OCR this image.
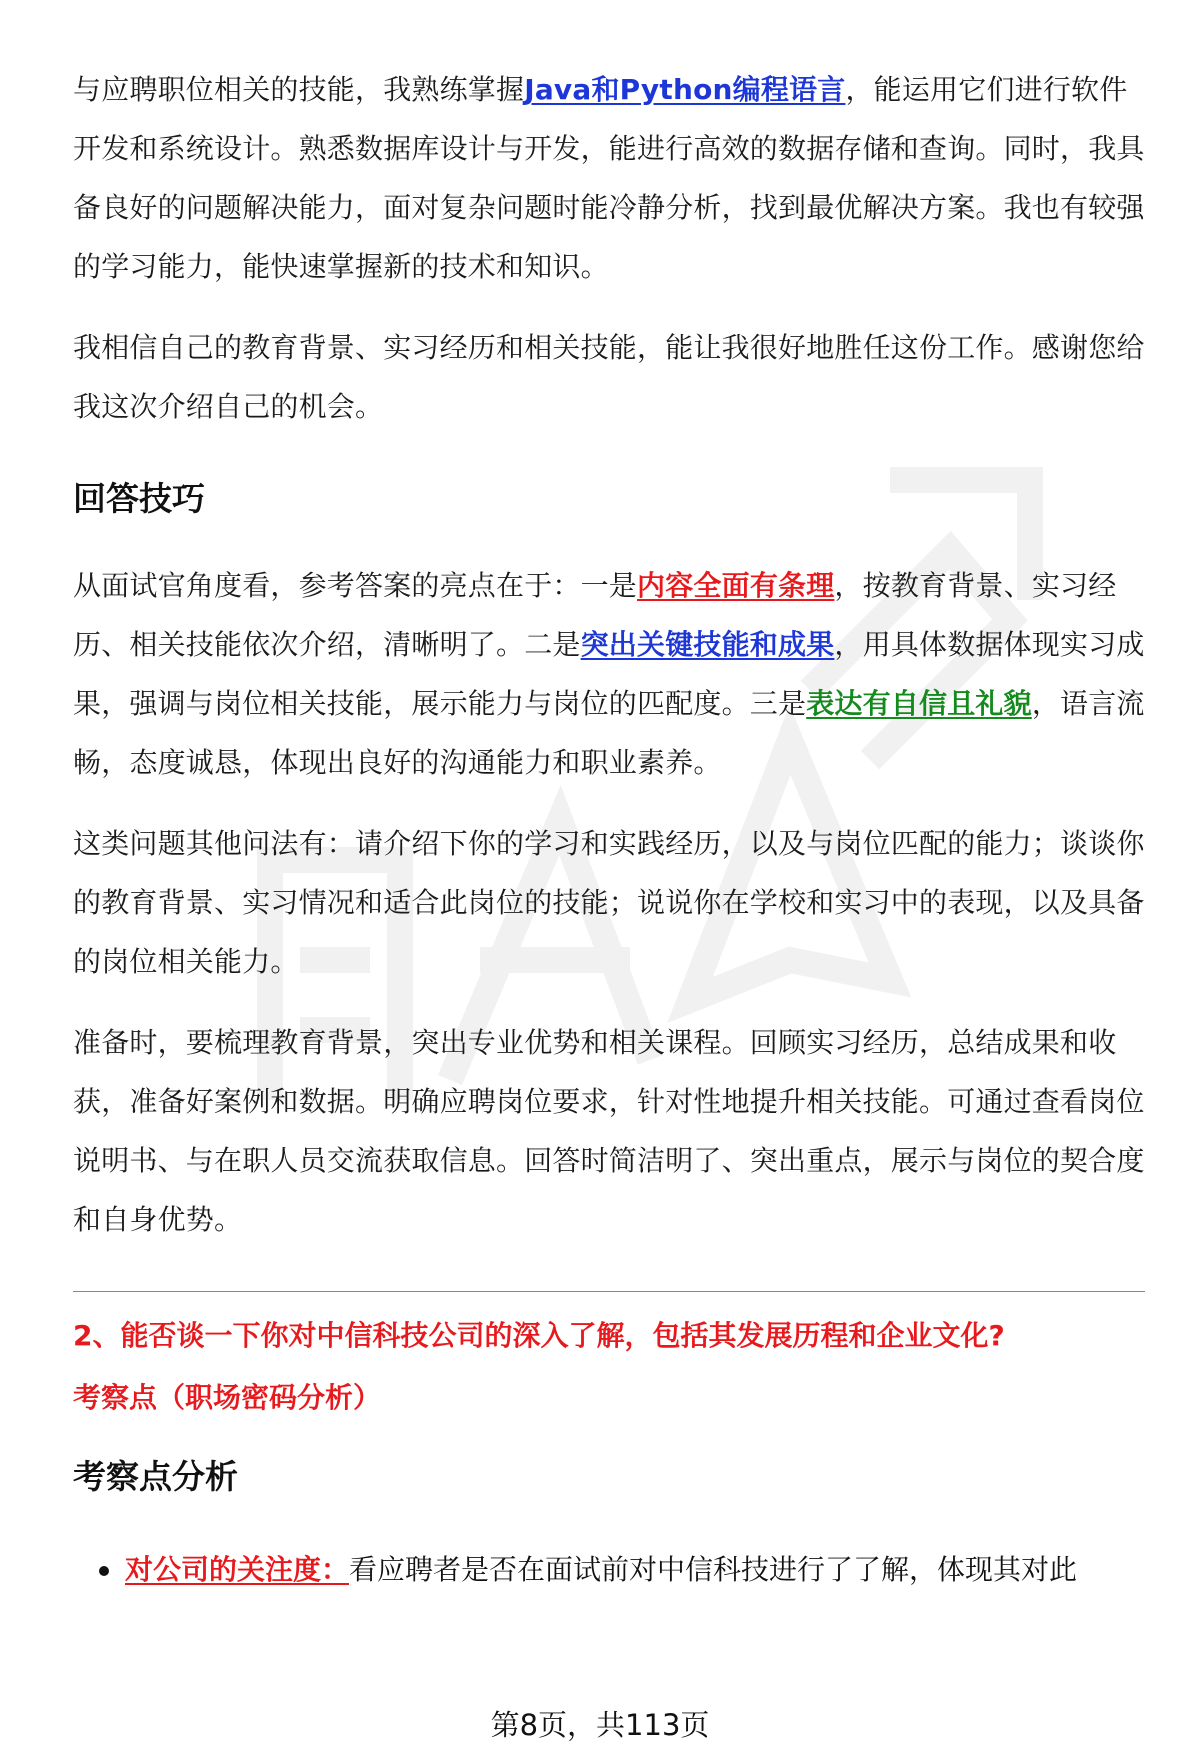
与应聘职位相关的技能，我熟练掌握Java和Python编程语言，能运用它们进行软件开发和系统设计。熟悉数据库设计与开发，能进行高效的数据存储和查询。同时，我具备良好的问题解决能力，面对复杂问题时能冷静分析，找到最优解决方案。我也有较强的学习能力，能快速掌握新的技术和知识。

我相信自己的教育背景、实习经历和相关技能，能让我很好地胜任这份工作。感谢您给我这次介绍自己的机会。

回答技巧

从面试官角度看，参考答案的亮点在于：一是内容全面有条理，按教育背景、实习经历、相关技能依次介绍，清晰明了。二是突出关键技能和成果，用具体数据体现实习成果，强调与岗位相关技能，展示能力与岗位的匹配度。三是表达有自信且礼貌，语言流畅，态度诚恳，体现出良好的沟通能力和职业素养。

这类问题其他问法有：请介绍下你的学习和实践经历，以及与岗位匹配的能力；谈谈你的教育背景、实习情况和适合此岗位的技能；说说你在学校和实习中的表现，以及具备的岗位相关能力。

准备时，要梳理教育背景，突出专业优势和相关课程。回顾实习经历，总结成果和收获，准备好案例和数据。明确应聘岗位要求，针对性地提升相关技能。可通过查看岗位说明书、与在职人员交流获取信息。回答时简洁明了、突出重点，展示与岗位的契合度和自身优势。

2、能否谈一下你对中信科技公司的深入了解，包括其发展历程和企业文化?

考察点（职场密码分析）

考察点分析
对公司的关注度：看应聘者是否在面试前对中信科技进行了了解，体现其对此
第8页，共113页
